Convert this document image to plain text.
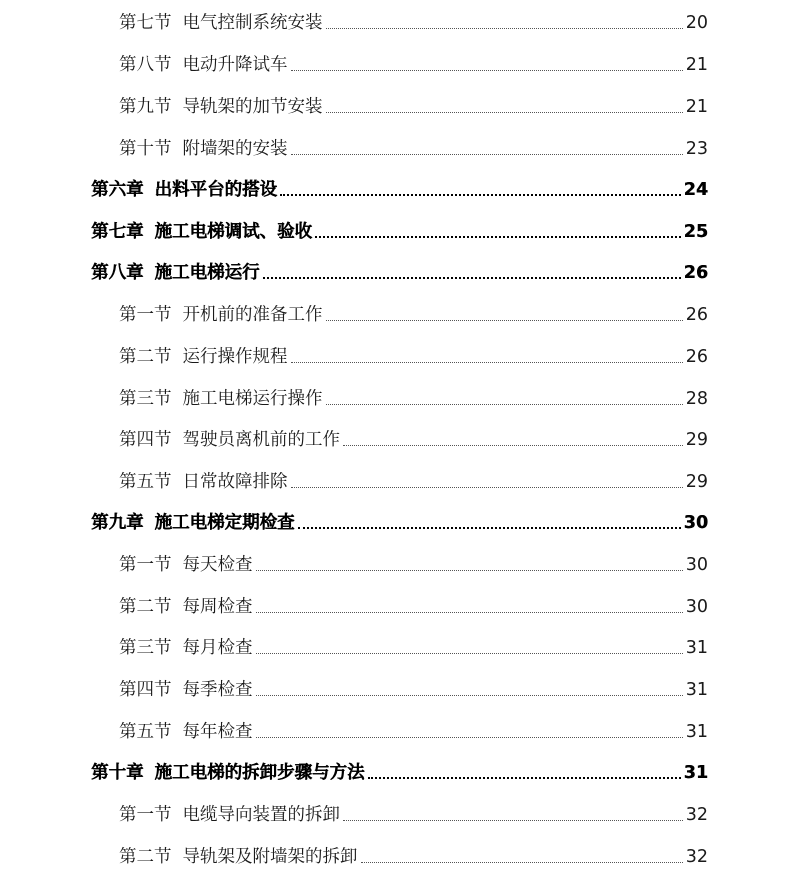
第七节 电气控制系统安装	20
第八节 电动升降试车	21
第九节 导轨架的加节安装	21
第十节 附墙架的安装	23
第六章 出料平台的搭设	24
第七章 施工电梯调试、验收	25
第八章 施工电梯运行	26
第一节 开机前的准备工作	26
第二节 运行操作规程	26
第三节 施工电梯运行操作	28
第四节 驾驶员离机前的工作	29
第五节 日常故障排除	29
第九章 施工电梯定期检查	30
第一节 每天检查	30
第二节 每周检查	30
第三节 每月检查	31
第四节 每季检查	31
第五节 每年检查	31
第十章 施工电梯的拆卸步骤与方法	31
第一节 电缆导向装置的拆卸	32
第二节 导轨架及附墙架的拆卸	32
